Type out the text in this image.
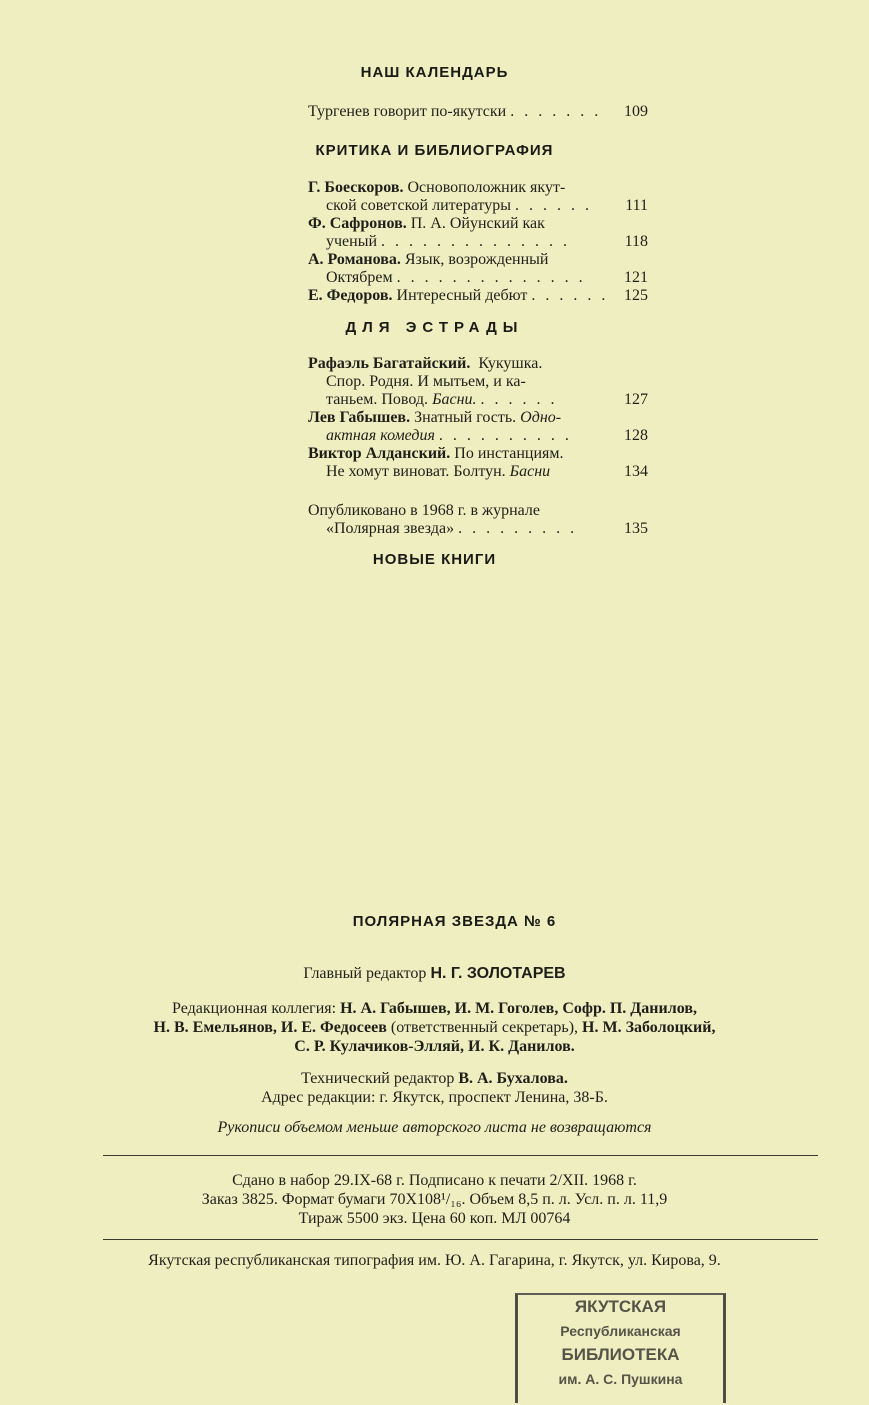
НАШ КАЛЕНДАРЬ
Тургенев говорит по-якутски . . . . . . .	109
КРИТИКА И БИБЛИОГРАФИЯ
Г. Боескоров. Основоположник якут-
ской советской литературы . . . . . .	111
Ф. Сафронов. П. А. Ойунский как
ученый . . . . . . . . . . . . . .	118
А. Романова. Язык, возрожденный
Октябрем . . . . . . . . . . . . . .	121
Е. Федоров. Интересный дебют . . . . . . 125
ДЛЯ ЭСТРАДЫ
Рафаэль Багатайский. Кукушка.
Спор. Родня. И мытьем, и ка-
таньем. Повод. Басни. . . . . . .	127
Лев Габышев. Знатный гость. Одно-
актная комедия . . . . . . . . . .	128
Виктор Алданский. По инстанциям.
Не хомут виноват. Болтун. Басни	134
Опубликовано в 1968 г. в журнале
«Полярная звезда» . . . . . . . . .	135
НОВЫЕ КНИГИ
ПОЛЯРНАЯ ЗВЕЗДА № 6
Главный редактор Н. Г. ЗОЛОТАРЕВ
Редакционная коллегия: Н. А. Габышев, И. М. Гоголев, Софр. П. Данилов,
Н. В. Емельянов, И. Е. Федосеев (ответственный секретарь), Н. М. Заболоцкий,
С. Р. Кулачиков-Элляй, И. К. Данилов.
Технический редактор В. А. Бухалова.
Адрес редакции: г. Якутск, проспект Ленина, 38-Б.
Рукописи объемом меньше авторского листа не возвращаются
Сдано в набор 29.IX-68 г. Подписано к печати 2/XII. 1968 г.
Заказ 3825. Формат бумаги 70Х108¹/₁₆. Объем 8,5 п. л. Усл. п. л. 11,9
Тираж 5500 экз. Цена 60 коп. МЛ 00764
Якутская республиканская типография им. Ю. А. Гагарина, г. Якутск, ул. Кирова, 9.
ЯКУТСКАЯ
Республиканская
БИБЛИОТЕКА
им. А. С. Пушкина
